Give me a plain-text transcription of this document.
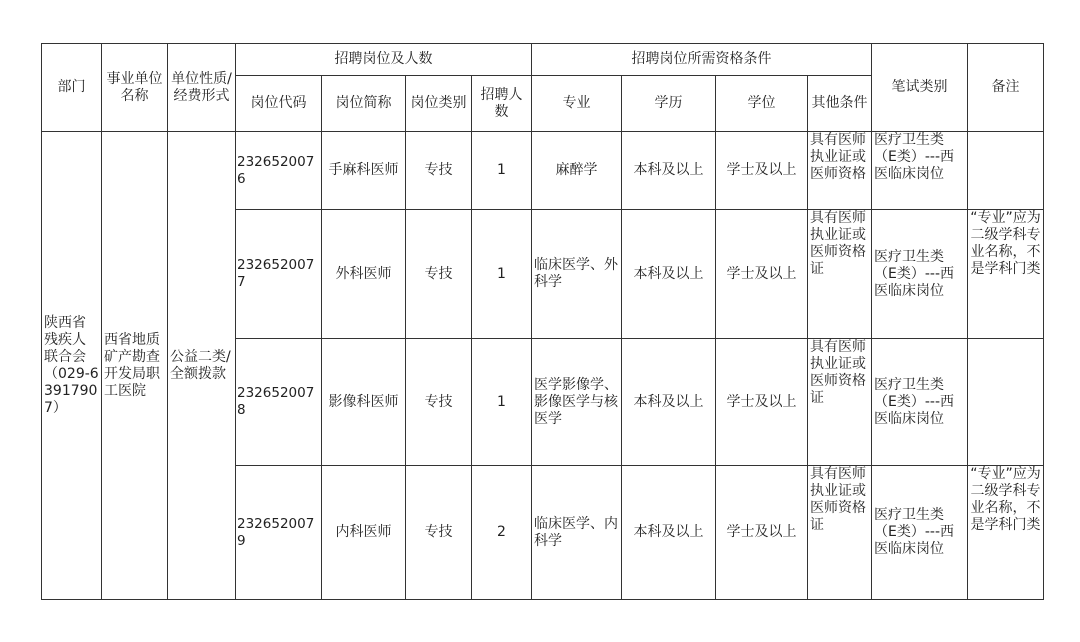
部门	事业单位名称	单位性质/经费形式	招聘岗位及人数				招聘岗位所需资格条件				笔试类别	备注
			岗位代码	岗位简称	岗位类别	招聘人数	专业	学历	学位	其他条件		
陕西省残疾人联合会（029-63917907）	西省地质矿产勘查开发局职工医院	公益二类/全额拨款	2326520076	手麻科医师	专技	1	麻醉学	本科及以上	学士及以上	具有医师执业证或医师资格	医疗卫生类（E类）---西医临床岗位	
			2326520077	外科医师	专技	1	临床医学、外科学	本科及以上	学士及以上	具有医师执业证或医师资格证	医疗卫生类（E类）---西医临床岗位	“专业”应为二级学科专业名称，不是学科门类
			2326520078	影像科医师	专技	1	医学影像学、影像医学与核医学	本科及以上	学士及以上	具有医师执业证或医师资格证	医疗卫生类（E类）---西医临床岗位	
			2326520079	内科医师	专技	2	临床医学、内科学	本科及以上	学士及以上	具有医师执业证或医师资格证	医疗卫生类（E类）---西医临床岗位	“专业”应为二级学科专业名称，不是学科门类
